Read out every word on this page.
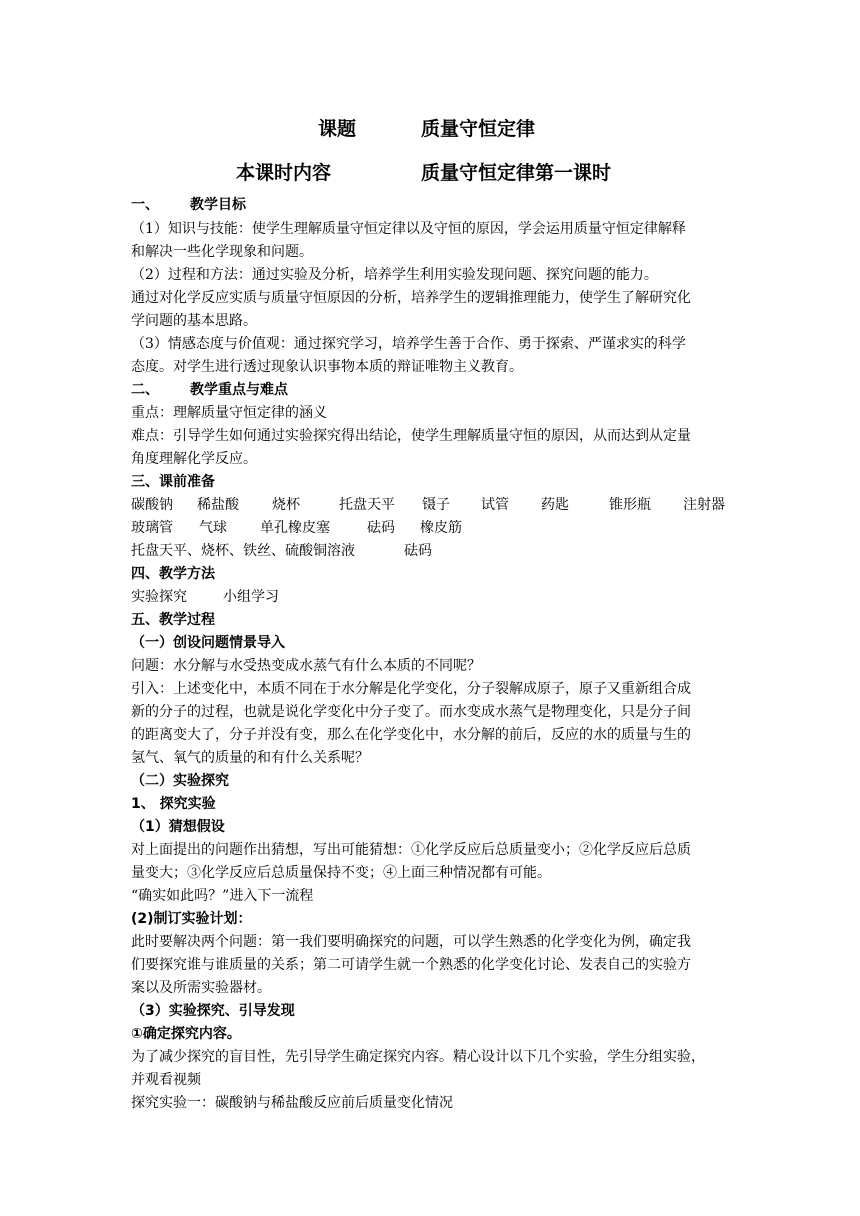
课题	质量守恒定律
本课时内容	质量守恒定律第一课时
一、 教学目标
（1）知识与技能：使学生理解质量守恒定律以及守恒的原因，学会运用质量守恒定律解释
和解决一些化学现象和问题。
（2）过程和方法：通过实验及分析，培养学生利用实验发现问题、探究问题的能力。
通过对化学反应实质与质量守恒原因的分析，培养学生的逻辑推理能力，使学生了解研究化
学问题的基本思路。
（3）情感态度与价值观：通过探究学习，培养学生善于合作、勇于探索、严谨求实的科学
态度。对学生进行透过现象认识事物本质的辩证唯物主义教育。
二、 教学重点与难点
重点：理解质量守恒定律的涵义
难点：引导学生如何通过实验探究得出结论，使学生理解质量守恒的原因，从而达到从定量
角度理解化学反应。
三、课前准备
碳酸钠 稀盐酸 烧杯	托盘天平 镊子 试管 药匙	锥形瓶 注射器
玻璃管 气球 单孔橡皮塞	砝码 橡皮筋
托盘天平、烧杯、铁丝、硫酸铜溶液	砝码
四、教学方法
实验探究	小组学习
五、教学过程
（一）创设问题情景导入
问题：水分解与水受热变成水蒸气有什么本质的不同呢？
引入：上述变化中，本质不同在于水分解是化学变化，分子裂解成原子，原子又重新组合成
新的分子的过程，也就是说化学变化中分子变了。而水变成水蒸气是物理变化，只是分子间
的距离变大了，分子并没有变，那么在化学变化中，水分解的前后，反应的水的质量与生的
氢气、氧气的质量的和有什么关系呢？
（二）实验探究
1、 探究实验
（1）猜想假设
对上面提出的问题作出猜想，写出可能猜想：①化学反应后总质量变小；②化学反应后总质
量变大；③化学反应后总质量保持不变；④上面三种情况都有可能。
“确实如此吗？”进入下一流程
(2)制订实验计划：
此时要解决两个问题：第一我们要明确探究的问题，可以学生熟悉的化学变化为例，确定我
们要探究谁与谁质量的关系；第二可请学生就一个熟悉的化学变化讨论、发表自己的实验方
案以及所需实验器材。
（3）实验探究、引导发现
①确定探究内容。
为了减少探究的盲目性，先引导学生确定探究内容。精心设计以下几个实验，学生分组实验，
并观看视频
探究实验一：碳酸钠与稀盐酸反应前后质量变化情况
